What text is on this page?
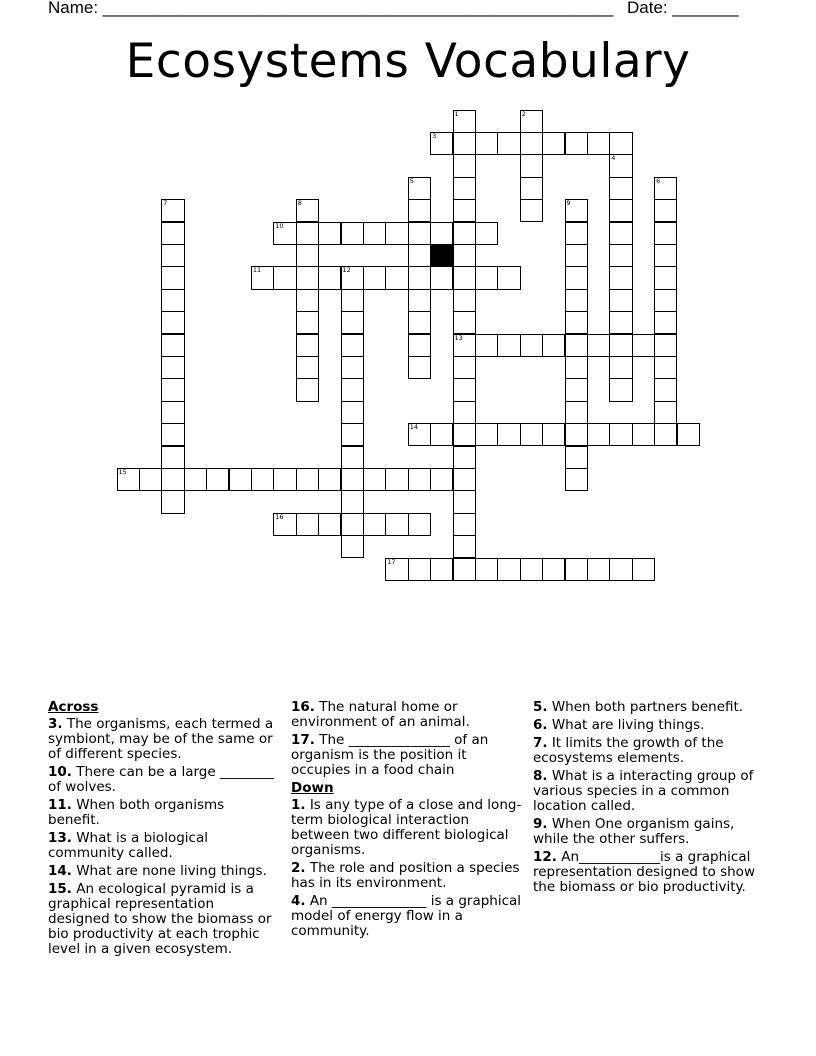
Name: ______________________________________________________ Date: _______
Ecosystems Vocabulary
1
13
2
3
4
5	6
7	8	9
10
11	12
14
15
16
17
Across
3. The organisms, each termed a symbiont, may be of the same or of different species.
10. There can be a large ________ of wolves.
11. When both organisms benefit.
13. What is a biological community called.
14. What are none living things.
15. An ecological pyramid is a graphical representation designed to show the biomass or bio productivity at each trophic level in a given ecosystem.
16. The natural home or environment of an animal.
17. The _______________ of an organism is the position it occupies in a food chain
Down
1. Is any type of a close and long-term biological interaction between two different biological organisms.
2. The role and position a species has in its environment.
4. An ______________ is a graphical model of energy flow in a community.
5. When both partners benefit.
6. What are living things.
7. It limits the growth of the ecosystems elements.
8. What is a interacting group of various species in a common location called.
9. When One organism gains, while the other suffers.
12. An____________is a graphical representation designed to show the biomass or bio productivity.
